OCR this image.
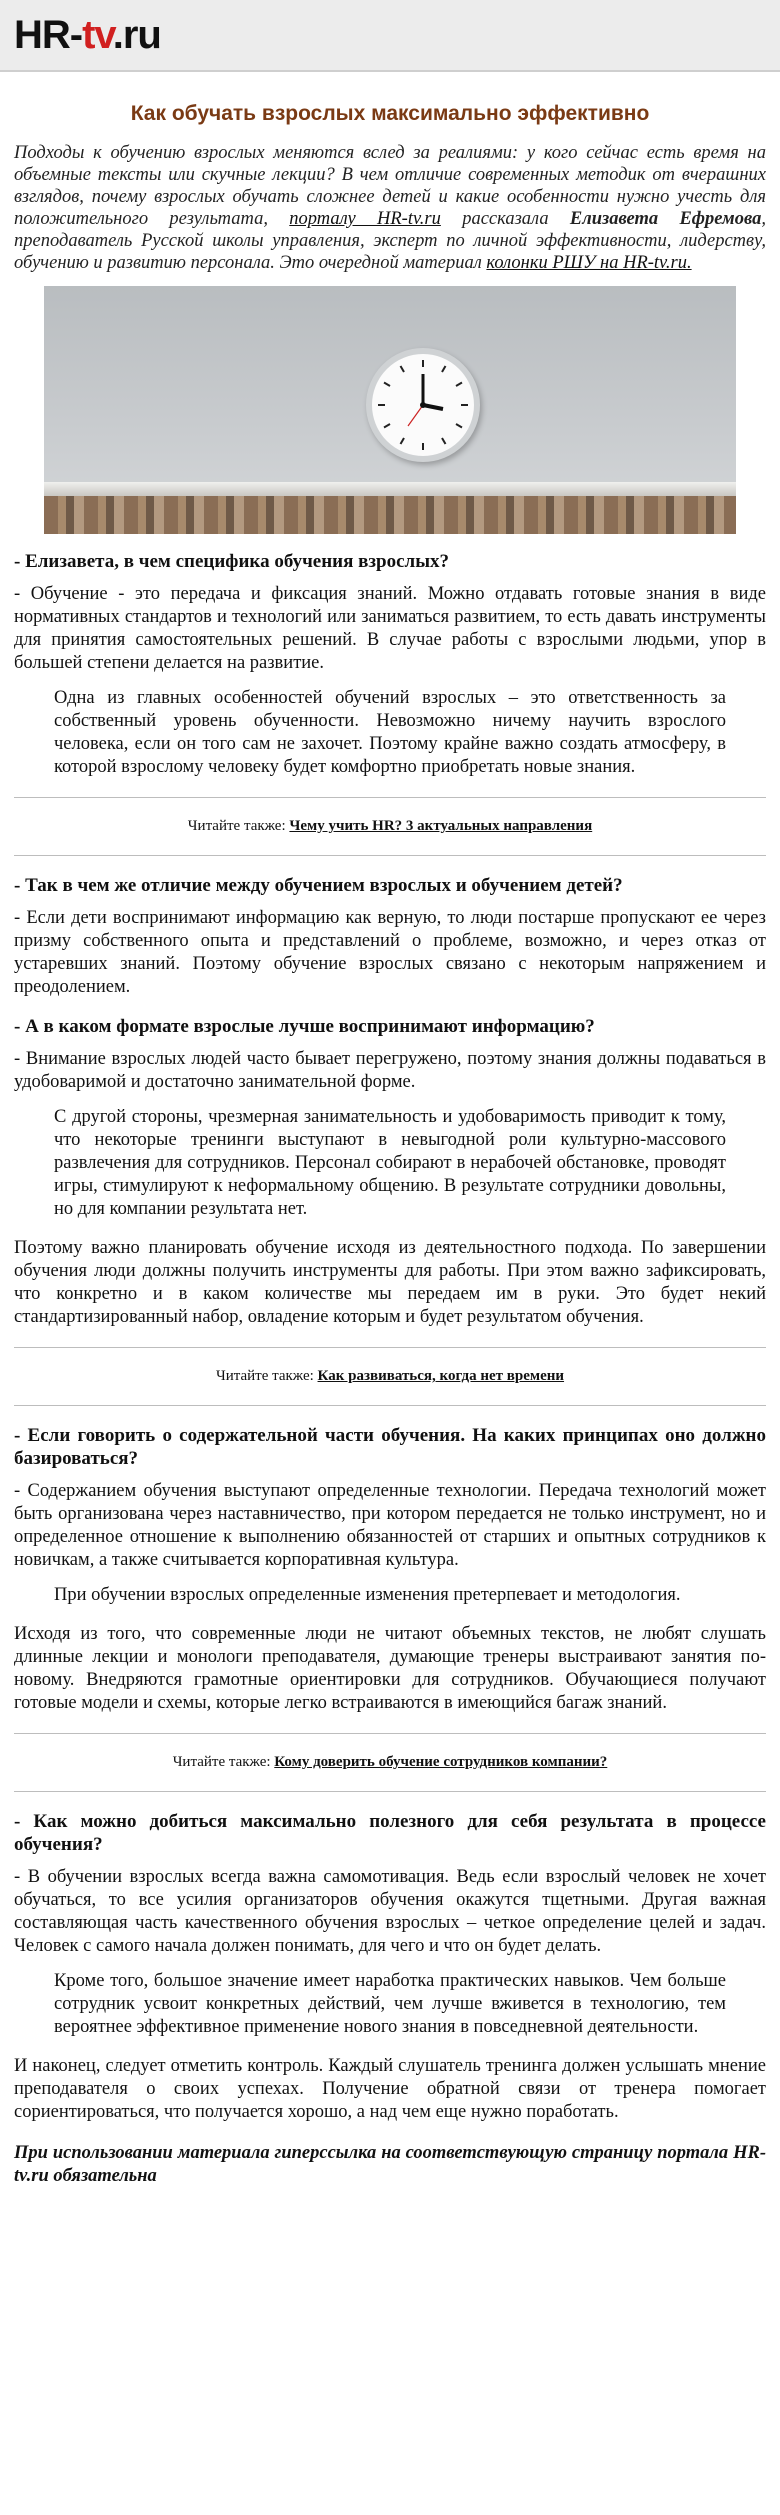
HR-tv.ru
Как обучать взрослых максимально эффективно
Подходы к обучению взрослых меняются вслед за реалиями: у кого сейчас есть время на объемные тексты или скучные лекции? В чем отличие современных методик от вчерашних взглядов, почему взрослых обучать сложнее детей и какие особенности нужно учесть для положительного результата, порталу HR-tv.ru рассказала Елизавета Ефремова, преподаватель Русской школы управления, эксперт по личной эффективности, лидерству, обучению и развитию персонала. Это очередной материал колонки РШУ на HR-tv.ru.
- Елизавета, в чем специфика обучения взрослых?
- Обучение - это передача и фиксация знаний. Можно отдавать готовые знания в виде нормативных стандартов и технологий или заниматься развитием, то есть давать инструменты для принятия самостоятельных решений. В случае работы с взрослыми людьми, упор в большей степени делается на развитие.
Одна из главных особенностей обучений взрослых – это ответственность за собственный уровень обученности. Невозможно ничему научить взрослого человека, если он того сам не захочет. Поэтому крайне важно создать атмосферу, в которой взрослому человеку будет комфортно приобретать новые знания.
Читайте также: Чему учить HR? 3 актуальных направления
- Так в чем же отличие между обучением взрослых и обучением детей?
- Если дети воспринимают информацию как верную, то люди постарше пропускают ее через призму собственного опыта и представлений о проблеме, возможно, и через отказ от устаревших знаний. Поэтому обучение взрослых связано с некоторым напряжением и преодолением.
- А в каком формате взрослые лучше воспринимают информацию?
- Внимание взрослых людей часто бывает перегружено, поэтому знания должны подаваться в удобоваримой и достаточно занимательной форме.
С другой стороны, чрезмерная занимательность и удобоваримость приводит к тому, что некоторые тренинги выступают в невыгодной роли культурно-массового развлечения для сотрудников. Персонал собирают в нерабочей обстановке, проводят игры, стимулируют к неформальному общению. В результате сотрудники довольны, но для компании результата нет.
Поэтому важно планировать обучение исходя из деятельностного подхода. По завершении обучения люди должны получить инструменты для работы. При этом важно зафиксировать, что конкретно и в каком количестве мы передаем им в руки. Это будет некий стандартизированный набор, овладение которым и будет результатом обучения.
Читайте также: Как развиваться, когда нет времени
- Если говорить о содержательной части обучения. На каких принципах оно должно базироваться?
- Содержанием обучения выступают определенные технологии. Передача технологий может быть организована через наставничество, при котором передается не только инструмент, но и определенное отношение к выполнению обязанностей от старших и опытных сотрудников к новичкам, а также считывается корпоративная культура.
При обучении взрослых определенные изменения претерпевает и методология.
Исходя из того, что современные люди не читают объемных текстов, не любят слушать длинные лекции и монологи преподавателя, думающие тренеры выстраивают занятия по-новому. Внедряются грамотные ориентировки для сотрудников. Обучающиеся получают готовые модели и схемы, которые легко встраиваются в имеющийся багаж знаний.
Читайте также: Кому доверить обучение сотрудников компании?
- Как можно добиться максимально полезного для себя результата в процессе обучения?
- В обучении взрослых всегда важна самомотивация. Ведь если взрослый человек не хочет обучаться, то все усилия организаторов обучения окажутся тщетными. Другая важная составляющая часть качественного обучения взрослых – четкое определение целей и задач. Человек с самого начала должен понимать, для чего и что он будет делать.
Кроме того, большое значение имеет наработка практических навыков. Чем больше сотрудник усвоит конкретных действий, чем лучше вживется в технологию, тем вероятнее эффективное применение нового знания в повседневной деятельности.
И наконец, следует отметить контроль. Каждый слушатель тренинга должен услышать мнение преподавателя о своих успехах. Получение обратной связи от тренера помогает сориентироваться, что получается хорошо, а над чем еще нужно поработать.
При использовании материала гиперссылка на соответствующую страницу портала HR-tv.ru обязательна
